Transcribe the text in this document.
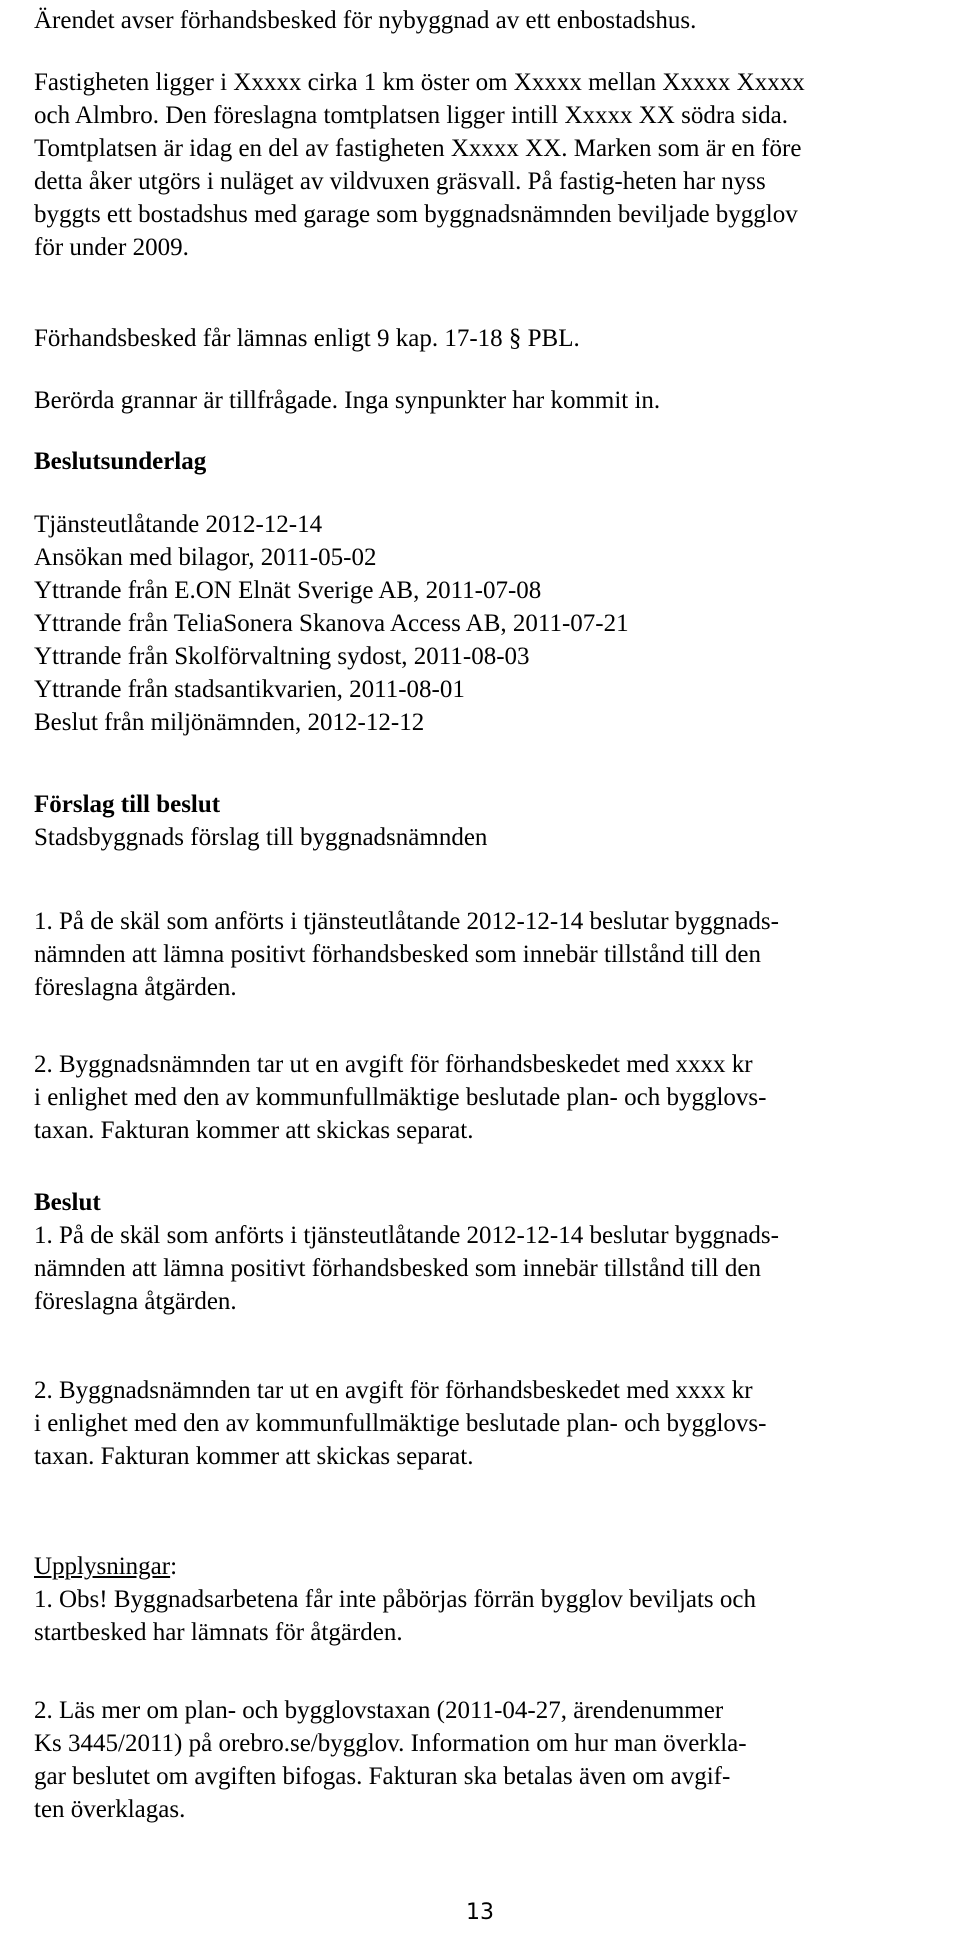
Ärendet avser förhandsbesked för nybyggnad av ett enbostadshus.
Fastigheten ligger i Xxxxx cirka 1 km öster om Xxxxx mellan Xxxxx Xxxxx
och Almbro. Den föreslagna tomtplatsen ligger intill Xxxxx XX södra sida.
Tomtplatsen är idag en del av fastigheten Xxxxx XX. Marken som är en före
detta åker utgörs i nuläget av vildvuxen gräsvall. På fastig-heten har nyss
byggts ett bostadshus med garage som byggnadsnämnden beviljade bygglov
för under 2009.
Förhandsbesked får lämnas enligt 9 kap. 17-18 § PBL.
Berörda grannar är tillfrågade. Inga synpunkter har kommit in.
Beslutsunderlag
Tjänsteutlåtande 2012-12-14
Ansökan med bilagor, 2011-05-02
Yttrande från E.ON Elnät Sverige AB, 2011-07-08
Yttrande från TeliaSonera Skanova Access AB, 2011-07-21
Yttrande från Skolförvaltning sydost, 2011-08-03
Yttrande från stadsantikvarien, 2011-08-01
Beslut från miljönämnden, 2012-12-12
Förslag till beslut
Stadsbyggnads förslag till byggnadsnämnden
1. På de skäl som anförts i tjänsteutlåtande 2012-12-14 beslutar byggnads-
nämnden att lämna positivt förhandsbesked som innebär tillstånd till den
föreslagna åtgärden.
2. Byggnadsnämnden tar ut en avgift för förhandsbeskedet med xxxx kr
i enlighet med den av kommunfullmäktige beslutade plan- och bygglovs-
taxan. Fakturan kommer att skickas separat.
Beslut
1. På de skäl som anförts i tjänsteutlåtande 2012-12-14 beslutar byggnads-
nämnden att lämna positivt förhandsbesked som innebär tillstånd till den
föreslagna åtgärden.
2. Byggnadsnämnden tar ut en avgift för förhandsbeskedet med xxxx kr
i enlighet med den av kommunfullmäktige beslutade plan- och bygglovs-
taxan. Fakturan kommer att skickas separat.
Upplysningar:
1. Obs! Byggnadsarbetena får inte påbörjas förrän bygglov beviljats och
startbesked har lämnats för åtgärden.
2. Läs mer om plan- och bygglovstaxan (2011-04-27, ärendenummer
Ks 3445/2011) på orebro.se/bygglov. Information om hur man överkla-
gar beslutet om avgiften bifogas. Fakturan ska betalas även om avgif-
ten överklagas.
13
